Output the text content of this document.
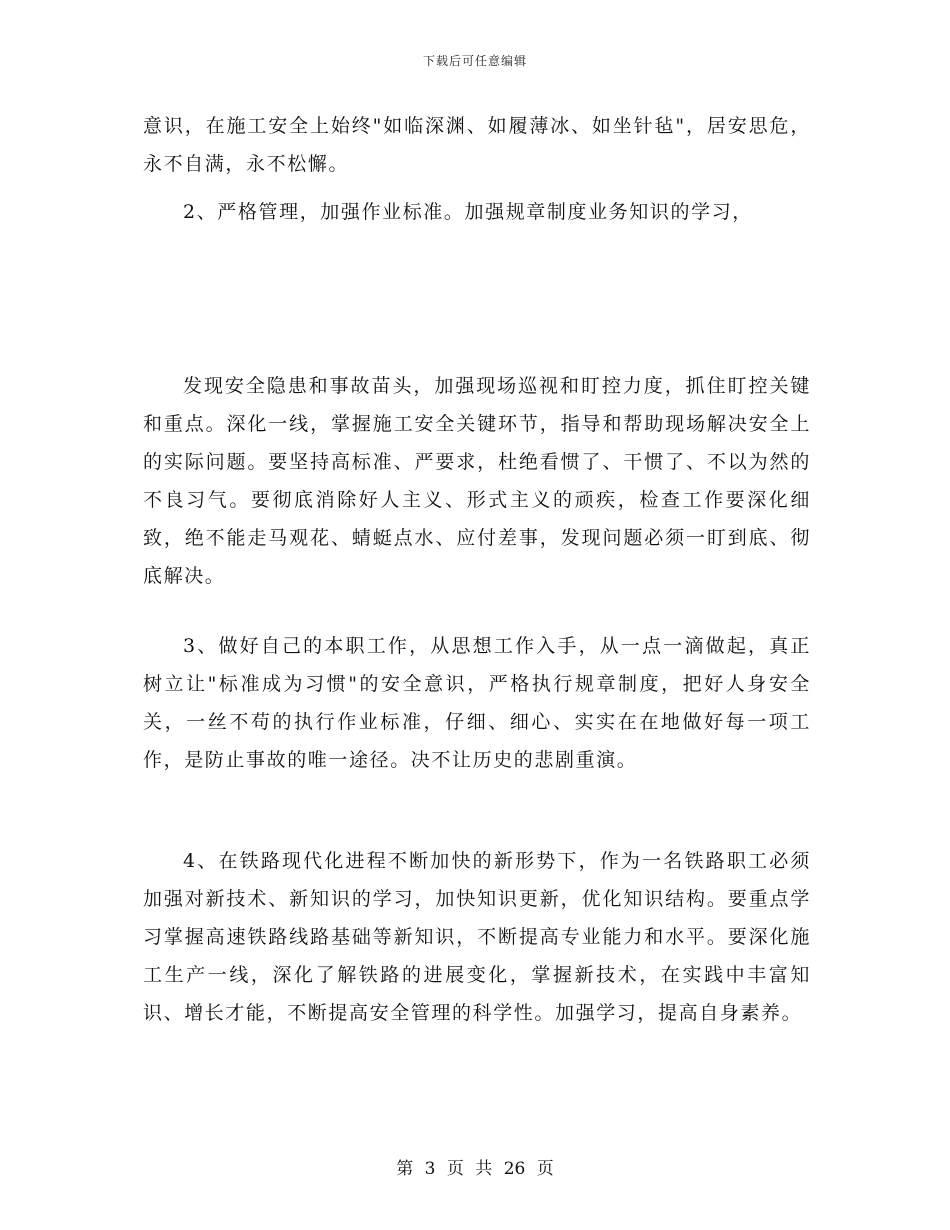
下载后可任意编辑

意识，在施工安全上始终"如临深渊、如履薄冰、如坐针毡"，居安思危，永不自满，永不松懈。

2、严格管理，加强作业标准。加强规章制度业务知识的学习，

发现安全隐患和事故苗头，加强现场巡视和盯控力度，抓住盯控关键和重点。深化一线，掌握施工安全关键环节，指导和帮助现场解决安全上的实际问题。要坚持高标准、严要求，杜绝看惯了、干惯了、不以为然的不良习气。要彻底消除好人主义、形式主义的顽疾，检查工作要深化细致，绝不能走马观花、蜻蜓点水、应付差事，发现问题必须一盯到底、彻底解决。

3、做好自己的本职工作，从思想工作入手，从一点一滴做起，真正树立让"标准成为习惯"的安全意识，严格执行规章制度，把好人身安全关，一丝不苟的执行作业标准，仔细、细心、实实在在地做好每一项工作，是防止事故的唯一途径。决不让历史的悲剧重演。

4、在铁路现代化进程不断加快的新形势下，作为一名铁路职工必须加强对新技术、新知识的学习，加快知识更新，优化知识结构。要重点学习掌握高速铁路线路基础等新知识，不断提高专业能力和水平。要深化施工生产一线，深化了解铁路的进展变化，掌握新技术，在实践中丰富知识、增长才能，不断提高安全管理的科学性。加强学习，提高自身素养。

第 3 页 共 26 页
